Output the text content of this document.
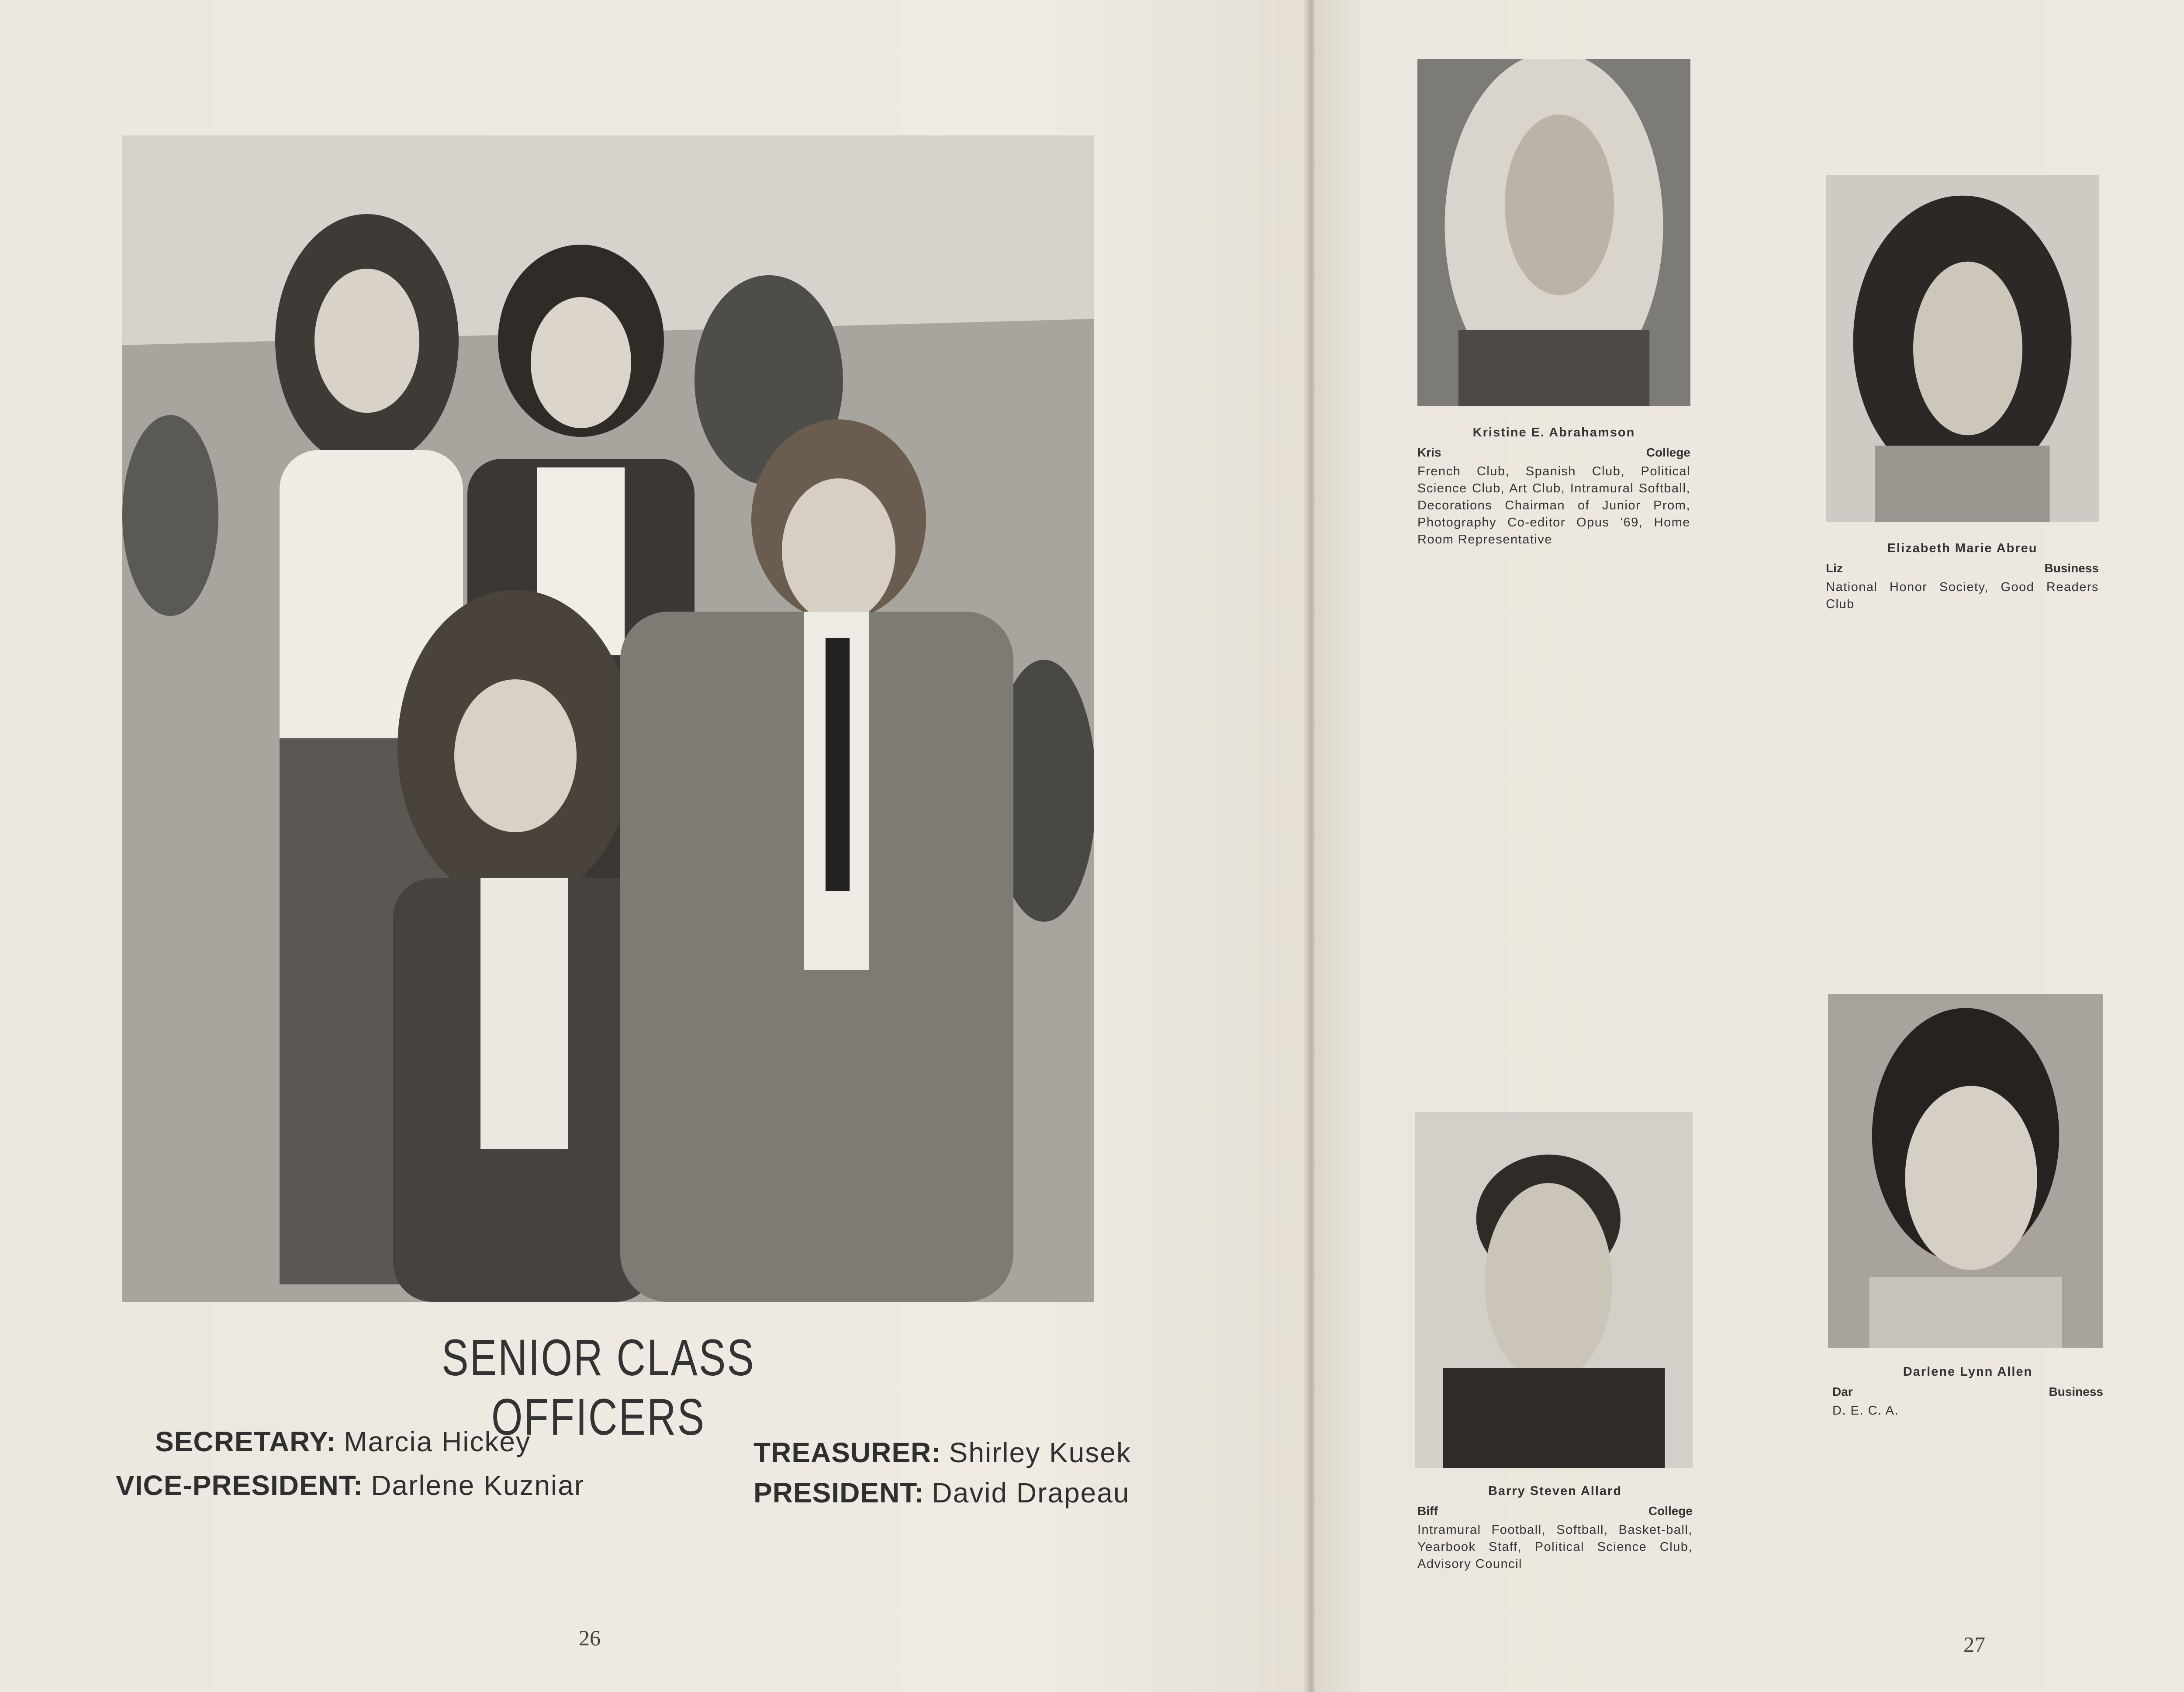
SENIOR CLASS OFFICERS
SECRETARY: Marcia Hickey
VICE-PRESIDENT: Darlene Kuzniar
TREASURER: Shirley Kusek
PRESIDENT: David Drapeau
26
Kristine E. Abrahamson
Kris	College
French Club, Spanish Club, Political Science Club, Art Club, Intramural Softball, Decorations Chairman of Junior Prom, Photography Co-editor Opus '69, Home Room Representative
Elizabeth Marie Abreu
Liz	Business
National Honor Society, Good Readers Club
Barry Steven Allard
Biff	College
Intramural Football, Softball, Basket-ball, Yearbook Staff, Political Science Club, Advisory Council
Darlene Lynn Allen
Dar	Business
D. E. C. A.
27
